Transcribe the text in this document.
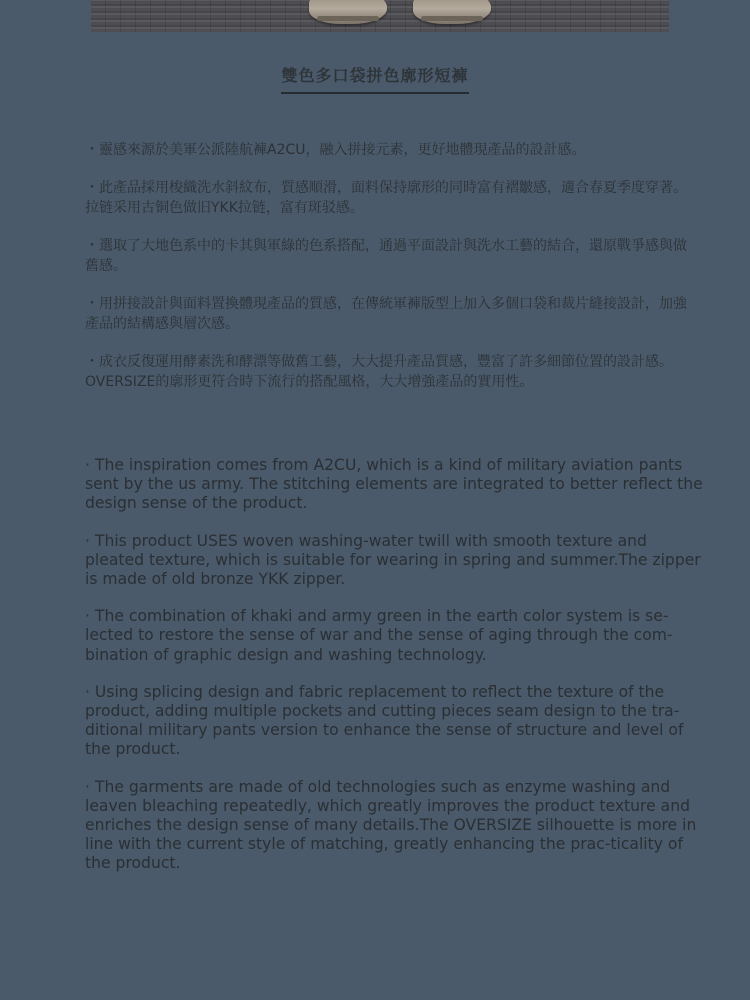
雙色多口袋拼色廓形短褲

・靈感來源於美軍公派陸航褲A2CU，融入拼接元素，更好地體現產品的設計感。

・此產品採用梭織洗水斜紋布，質感順滑，面料保持廓形的同時富有褶皺感，適合春夏季度穿著。拉链采用古铜色做旧YKK拉链，富有斑驳感。

・選取了大地色系中的卡其與軍綠的色系搭配，通過平面設計與洗水工藝的結合，還原戰爭感與做舊感。

・用拼接設計與面料置換體現產品的質感，在傳統軍褲版型上加入多個口袋和裁片縫接設計，加強產品的結構感與層次感。

・成衣反復運用酵素洗和酵漂等做舊工藝，大大提升產品質感，豐富了許多細節位置的設計感。OVERSIZE的廓形更符合時下流行的搭配風格，大大增強產品的實用性。

· The inspiration comes from A2CU, which is a kind of military aviation pants sent by the us army. The stitching elements are integrated to better reflect the design sense of the product.

· This product USES woven washing-water twill with smooth texture and pleated texture, which is suitable for wearing in spring and summer.The zipper is made of old bronze YKK zipper.

· The combination of khaki and army green in the earth color system is se-lected to restore the sense of war and the sense of aging through the com-bination of graphic design and washing technology.

· Using splicing design and fabric replacement to reflect the texture of the product, adding multiple pockets and cutting pieces seam design to the tra-ditional military pants version to enhance the sense of structure and level of the product.

· The garments are made of old technologies such as enzyme washing and leaven bleaching repeatedly, which greatly improves the product texture and enriches the design sense of many details.The OVERSIZE silhouette is more in line with the current style of matching, greatly enhancing the prac-ticality of the product.
